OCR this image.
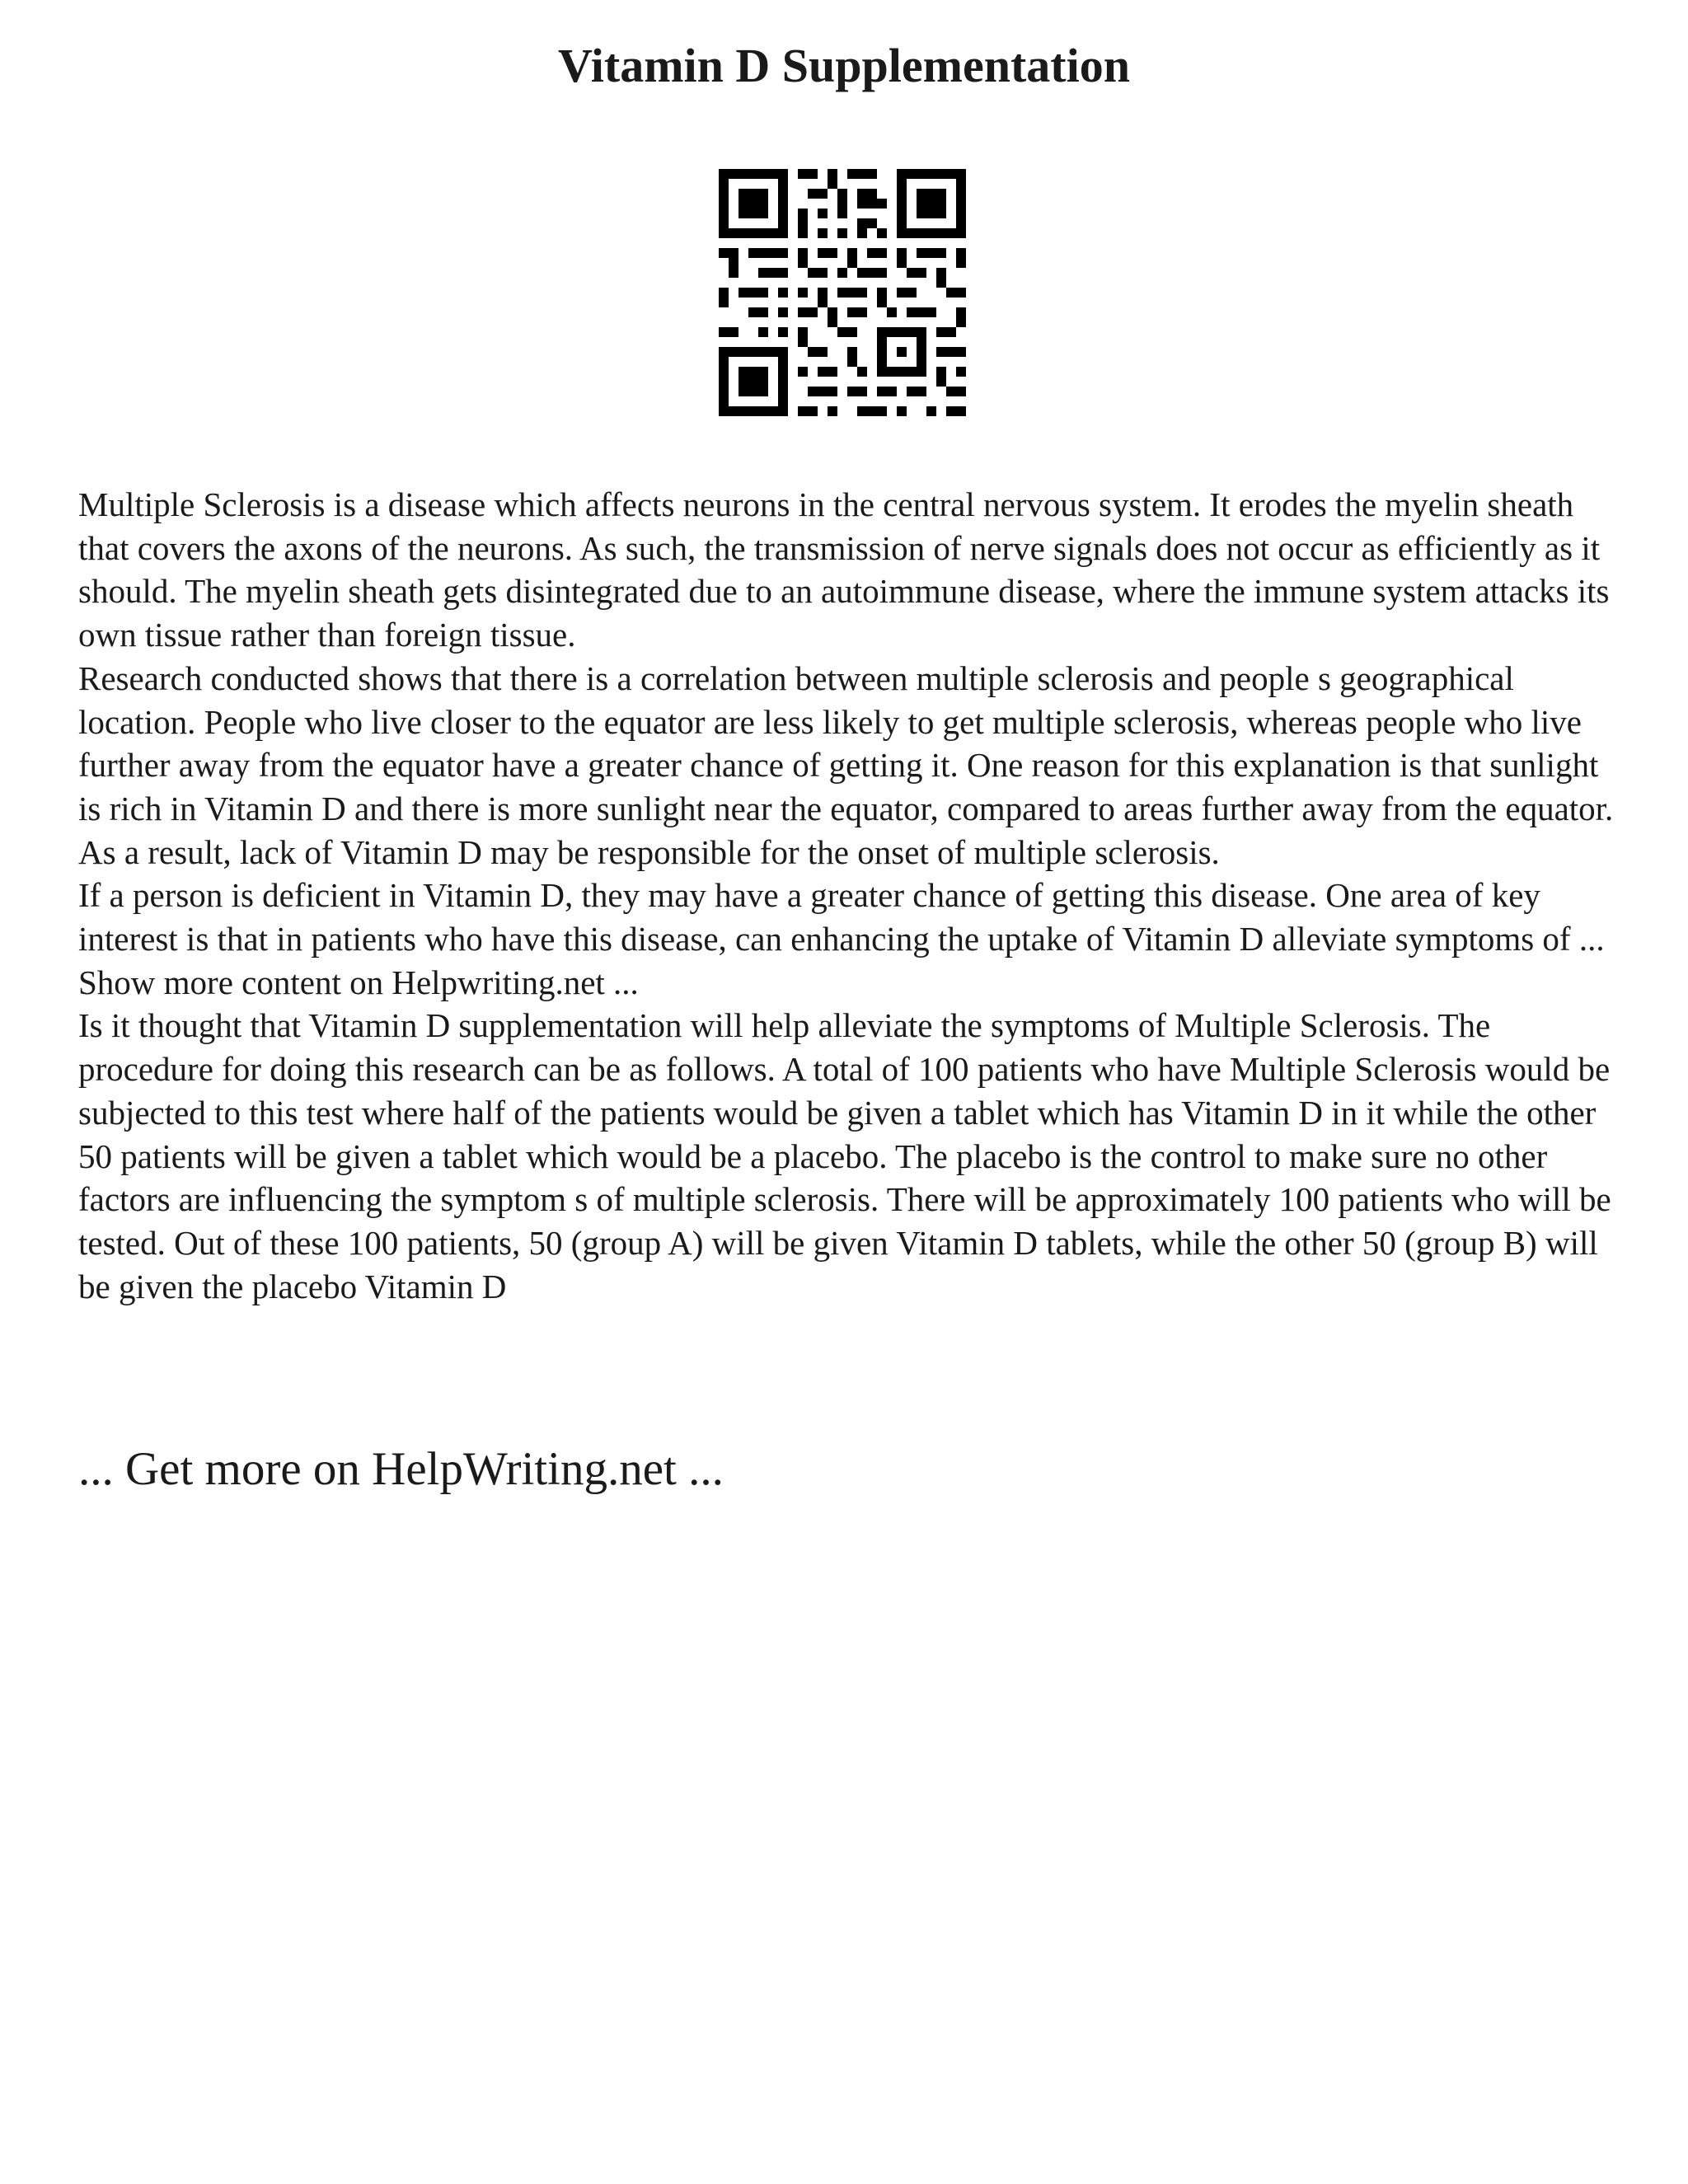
Vitamin D Supplementation

Multiple Sclerosis is a disease which affects neurons in the central nervous system. It erodes the myelin sheath that covers the axons of the neurons. As such, the transmission of nerve signals does not occur as efficiently as it should. The myelin sheath gets disintegrated due to an autoimmune disease, where the immune system attacks its own tissue rather than foreign tissue.

Research conducted shows that there is a correlation between multiple sclerosis and people s geographical location. People who live closer to the equator are less likely to get multiple sclerosis, whereas people who live further away from the equator have a greater chance of getting it. One reason for this explanation is that sunlight is rich in Vitamin D and there is more sunlight near the equator, compared to areas further away from the equator. As a result, lack of Vitamin D may be responsible for the onset of multiple sclerosis.

If a person is deficient in Vitamin D, they may have a greater chance of getting this disease. One area of key interest is that in patients who have this disease, can enhancing the uptake of Vitamin D alleviate symptoms of ... Show more content on Helpwriting.net ...

Is it thought that Vitamin D supplementation will help alleviate the symptoms of Multiple Sclerosis. The procedure for doing this research can be as follows. A total of 100 patients who have Multiple Sclerosis would be subjected to this test where half of the patients would be given a tablet which has Vitamin D in it while the other 50 patients will be given a tablet which would be a placebo. The placebo is the control to make sure no other factors are influencing the symptom s of multiple sclerosis. There will be approximately 100 patients who will be tested. Out of these 100 patients, 50 (group A) will be given Vitamin D tablets, while the other 50 (group B) will be given the placebo Vitamin D

... Get more on HelpWriting.net ...
